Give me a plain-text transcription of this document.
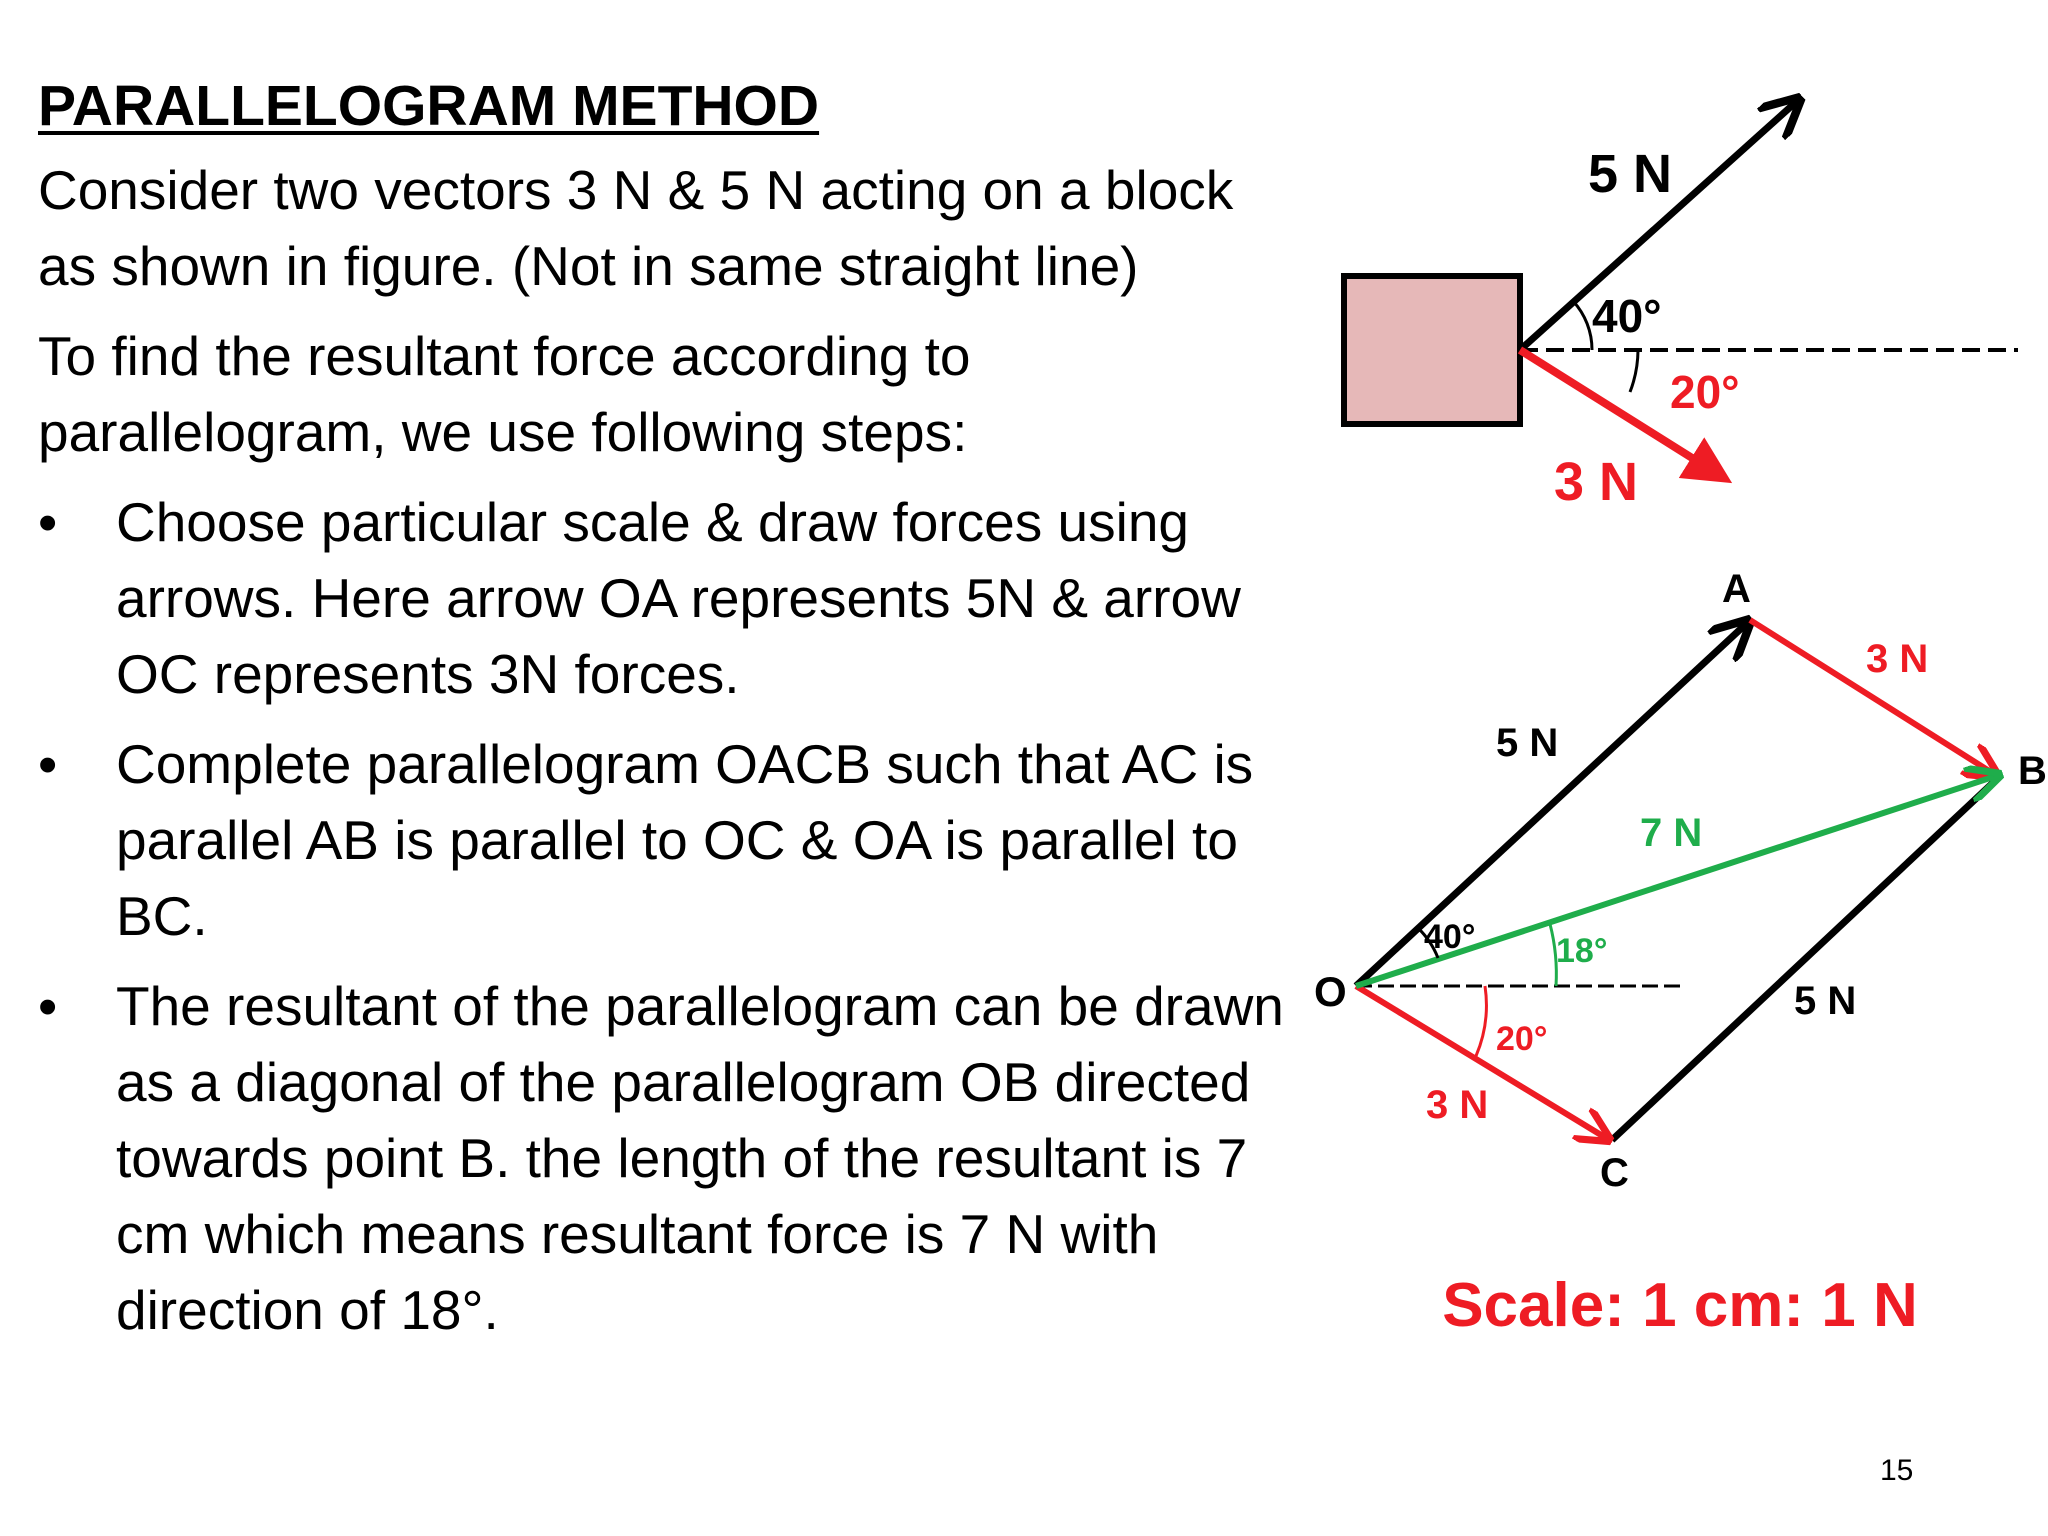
PARALLELOGRAM METHOD
Consider two vectors 3 N & 5 N acting on a block as shown in figure. (Not in same straight line)
To find the resultant force according to parallelogram, we use following steps:
• Choose particular scale & draw forces using arrows. Here arrow OA represents 5N & arrow OC represents 3N forces.
• Complete parallelogram OACB such that AC is parallel AB is parallel to OC & OA is parallel to BC.
• The resultant of the parallelogram can be drawn as a diagonal of the parallelogram OB directed towards point B. the length of the resultant is 7 cm which means resultant force is 7 N with direction of 18°.
5 N
40°
20°
3 N
O
A
B
C
5 N
3 N
7 N
3 N
5 N
40° 18°
20°
Scale: 1 cm: 1 N
15
